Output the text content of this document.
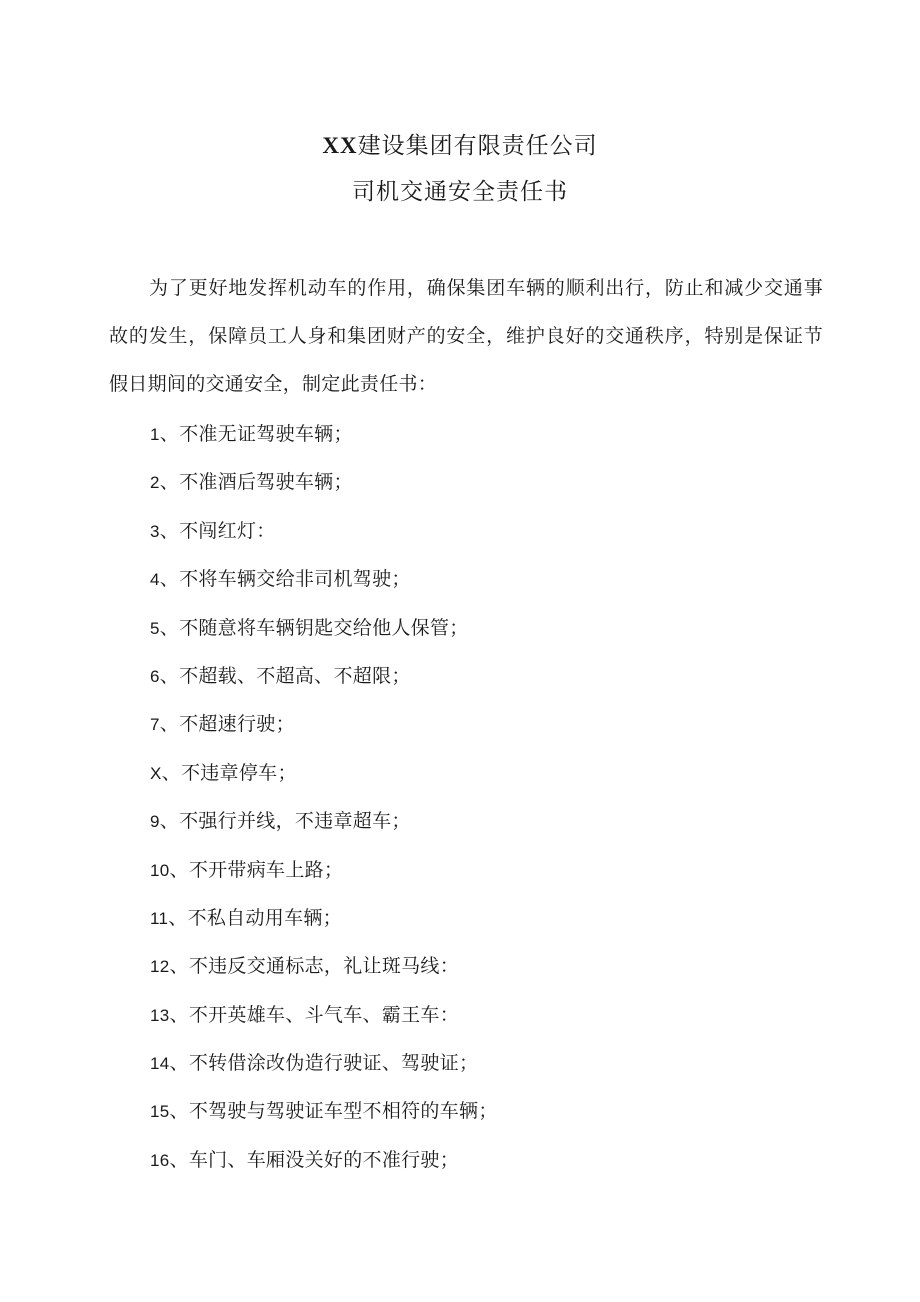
XX建设集团有限责任公司
司机交通安全责任书

为了更好地发挥机动车的作用，确保集团车辆的顺利出行，防止和减少交通事故的发生，保障员工人身和集团财产的安全，维护良好的交通秩序，特别是保证节假日期间的交通安全，制定此责任书：

1、不准无证驾驶车辆；
2、不准酒后驾驶车辆；
3、不闯红灯：
4、不将车辆交给非司机驾驶；
5、不随意将车辆钥匙交给他人保管；
6、不超载、不超高、不超限；
7、不超速行驶；
X、不违章停车；
9、不强行并线，不违章超车；
10、不开带病车上路；
11、不私自动用车辆；
12、不违反交通标志，礼让斑马线：
13、不开英雄车、斗气车、霸王车：
14、不转借涂改伪造行驶证、驾驶证；
15、不驾驶与驾驶证车型不相符的车辆；
16、车门、车厢没关好的不准行驶；
